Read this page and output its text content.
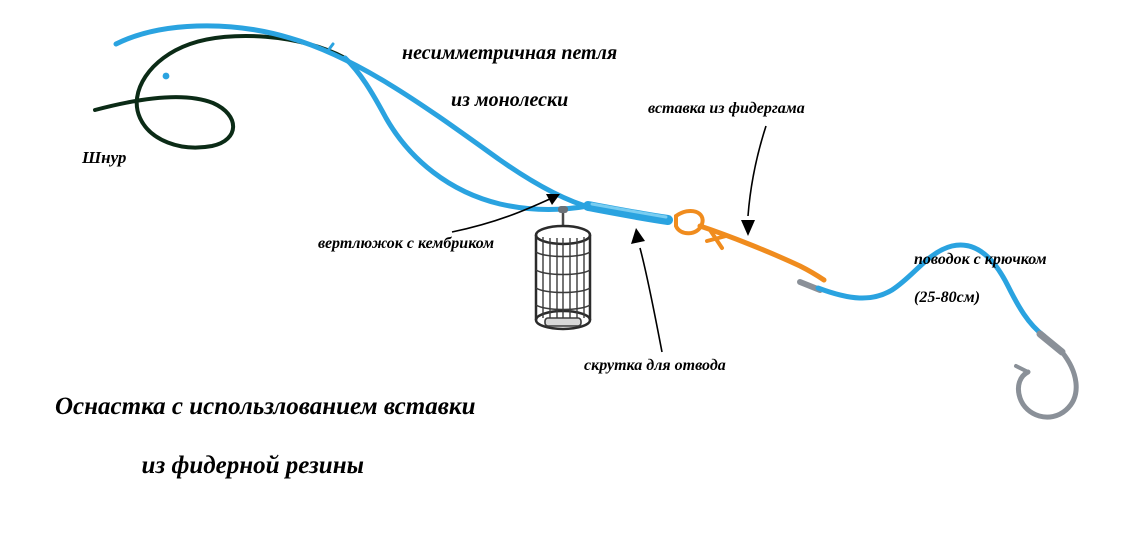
несимметричная петля

из монолески

Шнур
вертлюжок с кембриком
вставка из фидергама

поводок с крючком

(25-80см)

скрутка для отвода

Оснастка с использлованием вставки

из фидерной резины
